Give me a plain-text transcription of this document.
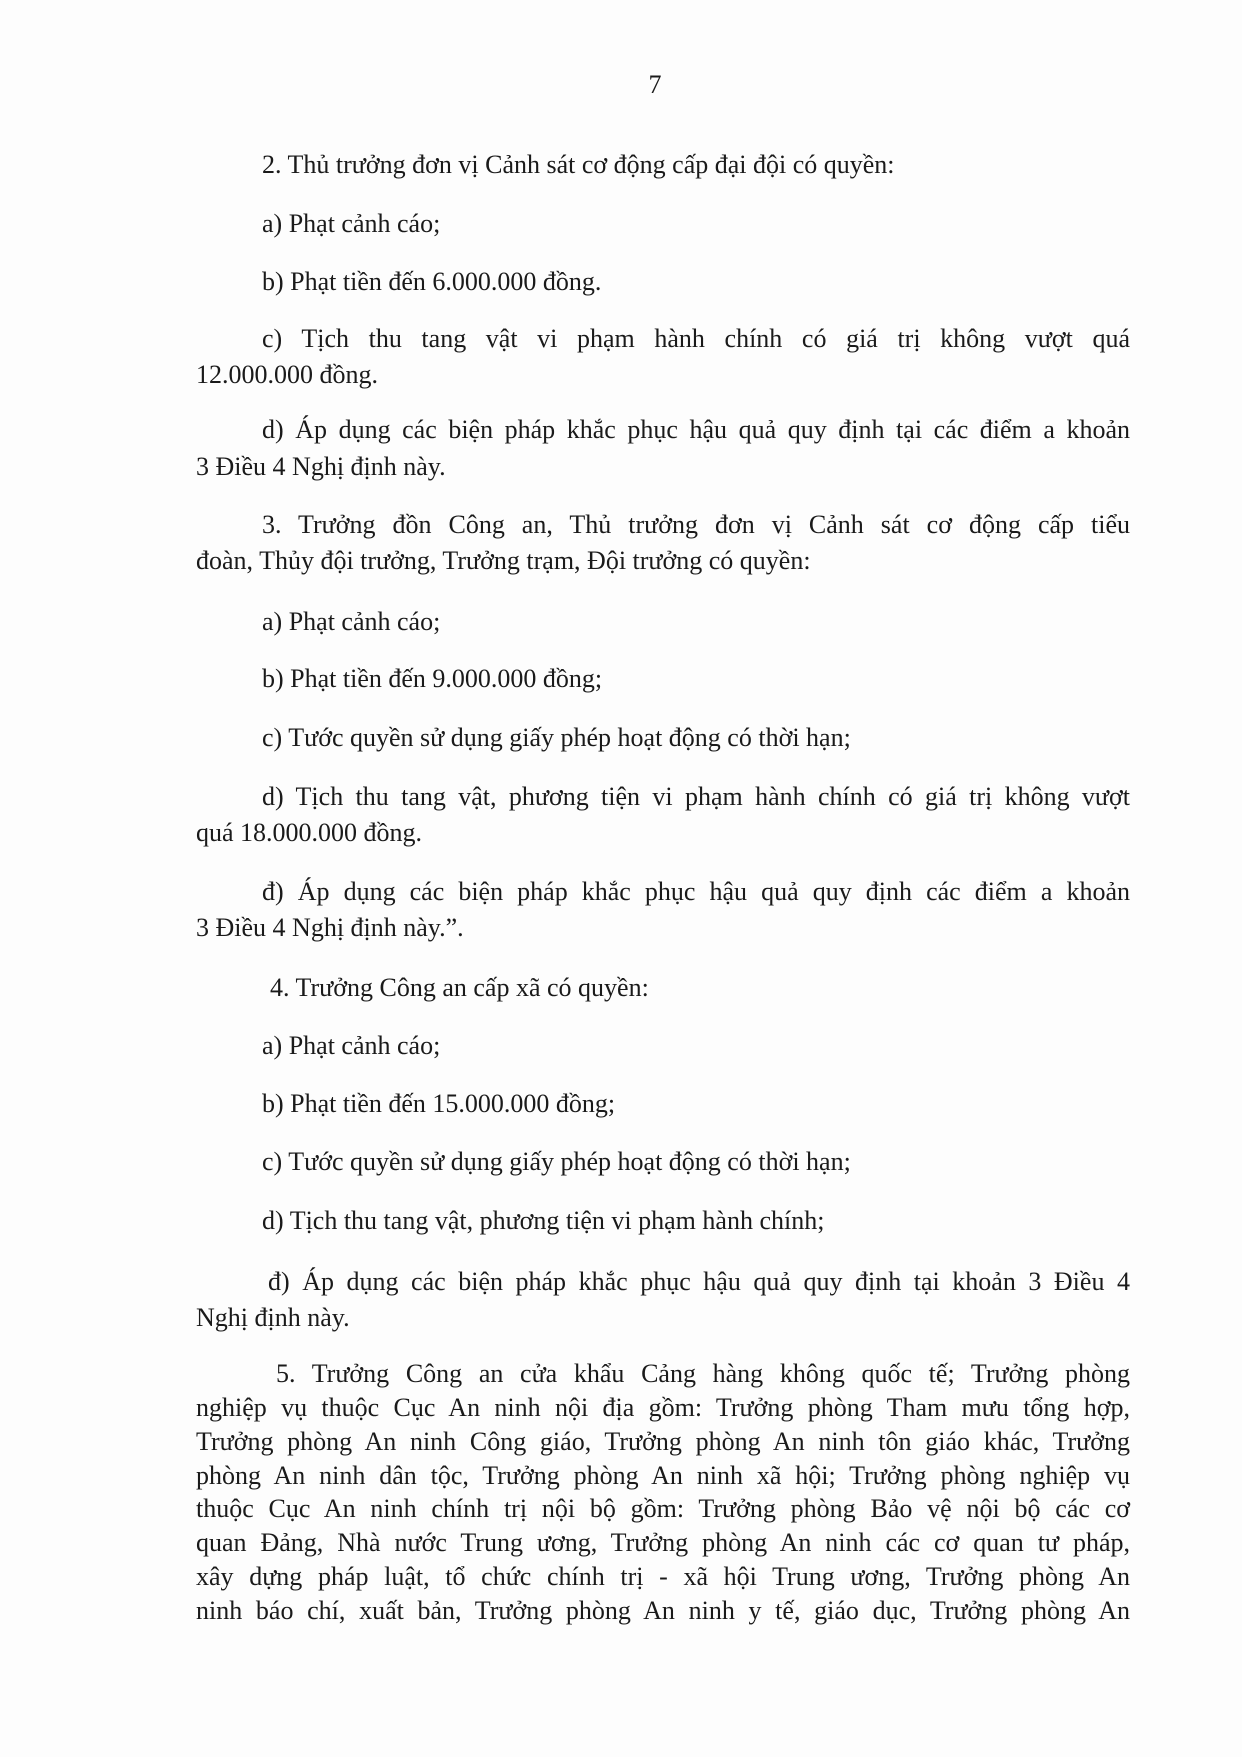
7
2. Thủ trưởng đơn vị Cảnh sát cơ động cấp đại đội có quyền:
a) Phạt cảnh cáo;
b) Phạt tiền đến 6.000.000 đồng.
c) Tịch thu tang vật vi phạm hành chính có giá trị không vượt quá
12.000.000 đồng.
d) Áp dụng các biện pháp khắc phục hậu quả quy định tại các điểm a khoản
3 Điều 4 Nghị định này.
3. Trưởng đồn Công an, Thủ trưởng đơn vị Cảnh sát cơ động cấp tiểu
đoàn, Thủy đội trưởng, Trưởng trạm, Đội trưởng có quyền:
a) Phạt cảnh cáo;
b) Phạt tiền đến 9.000.000 đồng;
c) Tước quyền sử dụng giấy phép hoạt động có thời hạn;
d) Tịch thu tang vật, phương tiện vi phạm hành chính có giá trị không vượt
quá 18.000.000 đồng.
đ) Áp dụng các biện pháp khắc phục hậu quả quy định các điểm a khoản
3 Điều 4 Nghị định này.”.
4. Trưởng Công an cấp xã có quyền:
a) Phạt cảnh cáo;
b) Phạt tiền đến 15.000.000 đồng;
c) Tước quyền sử dụng giấy phép hoạt động có thời hạn;
d) Tịch thu tang vật, phương tiện vi phạm hành chính;
đ) Áp dụng các biện pháp khắc phục hậu quả quy định tại khoản 3 Điều 4
Nghị định này.
5. Trưởng Công an cửa khẩu Cảng hàng không quốc tế; Trưởng phòng
nghiệp vụ thuộc Cục An ninh nội địa gồm: Trưởng phòng Tham mưu tổng hợp,
Trưởng phòng An ninh Công giáo, Trưởng phòng An ninh tôn giáo khác, Trưởng
phòng An ninh dân tộc, Trưởng phòng An ninh xã hội; Trưởng phòng nghiệp vụ
thuộc Cục An ninh chính trị nội bộ gồm: Trưởng phòng Bảo vệ nội bộ các cơ
quan Đảng, Nhà nước Trung ương, Trưởng phòng An ninh các cơ quan tư pháp,
xây dựng pháp luật, tổ chức chính trị - xã hội Trung ương, Trưởng phòng An
ninh báo chí, xuất bản, Trưởng phòng An ninh y tế, giáo dục, Trưởng phòng An
